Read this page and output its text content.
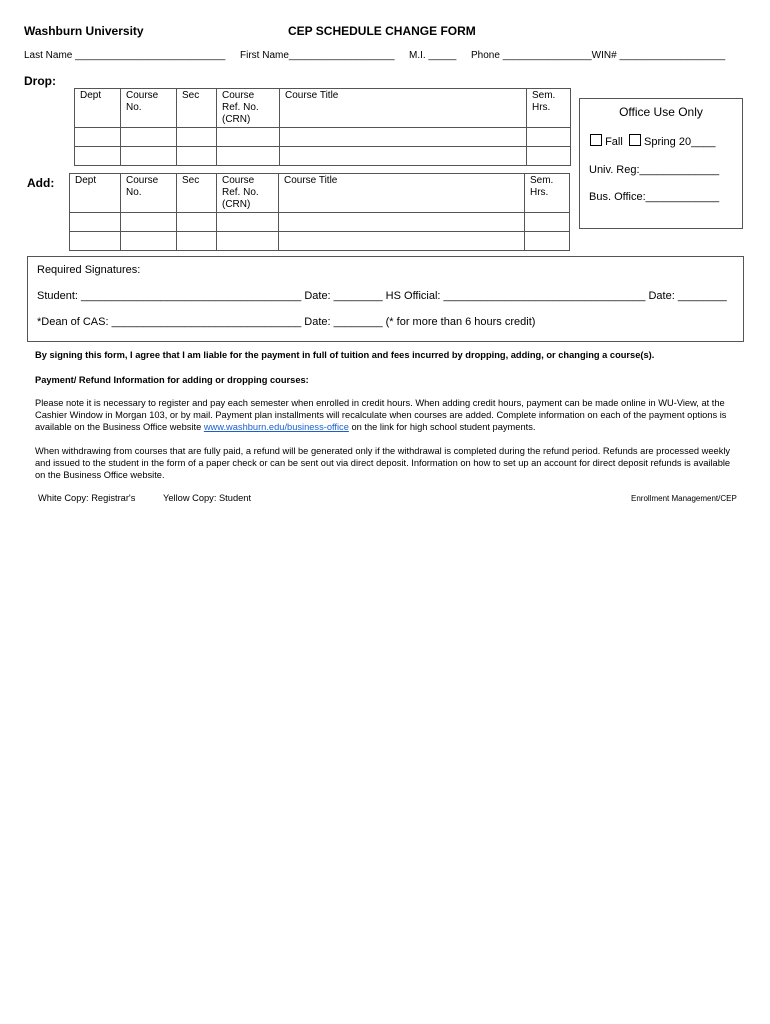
Washburn University	CEP SCHEDULE CHANGE FORM
Last Name ___________________________ First Name___________________ M.I. _____ Phone ________________WIN# ___________________
Drop:
Dept	Course No.	Sec	Course Ref. No. (CRN)	Course Title	Sem. Hrs.

Add: Dept	Course No.	Sec	Course Ref. No. (CRN)	Course Title	Sem. Hrs.

Office Use Only
Fall Spring 20____
Univ. Reg:_____________
Bus. Office:____________
Required Signatures:
Student: ____________________________________ Date: ________ HS Official: _________________________________ Date: ________
*Dean of CAS: _______________________________ Date: ________ (* for more than 6 hours credit)
By signing this form, I agree that I am liable for the payment in full of tuition and fees incurred by dropping, adding, or changing a course(s).
Payment/ Refund Information for adding or dropping courses:
Please note it is necessary to register and pay each semester when enrolled in credit hours. When adding credit hours, payment can be made online in WU-View, at the Cashier Window in Morgan 103, or by mail. Payment plan installments will recalculate when courses are added. Complete information on each of the payment options is available on the Business Office website www.washburn.edu/business-office on the link for high school student payments.
When withdrawing from courses that are fully paid, a refund will be generated only if the withdrawal is completed during the refund period. Refunds are processed weekly and issued to the student in the form of a paper check or can be sent out via direct deposit. Information on how to set up an account for direct deposit refunds is available on the Business Office website.
White Copy: Registrar's	Yellow Copy: Student	Enrollment Management/CEP
